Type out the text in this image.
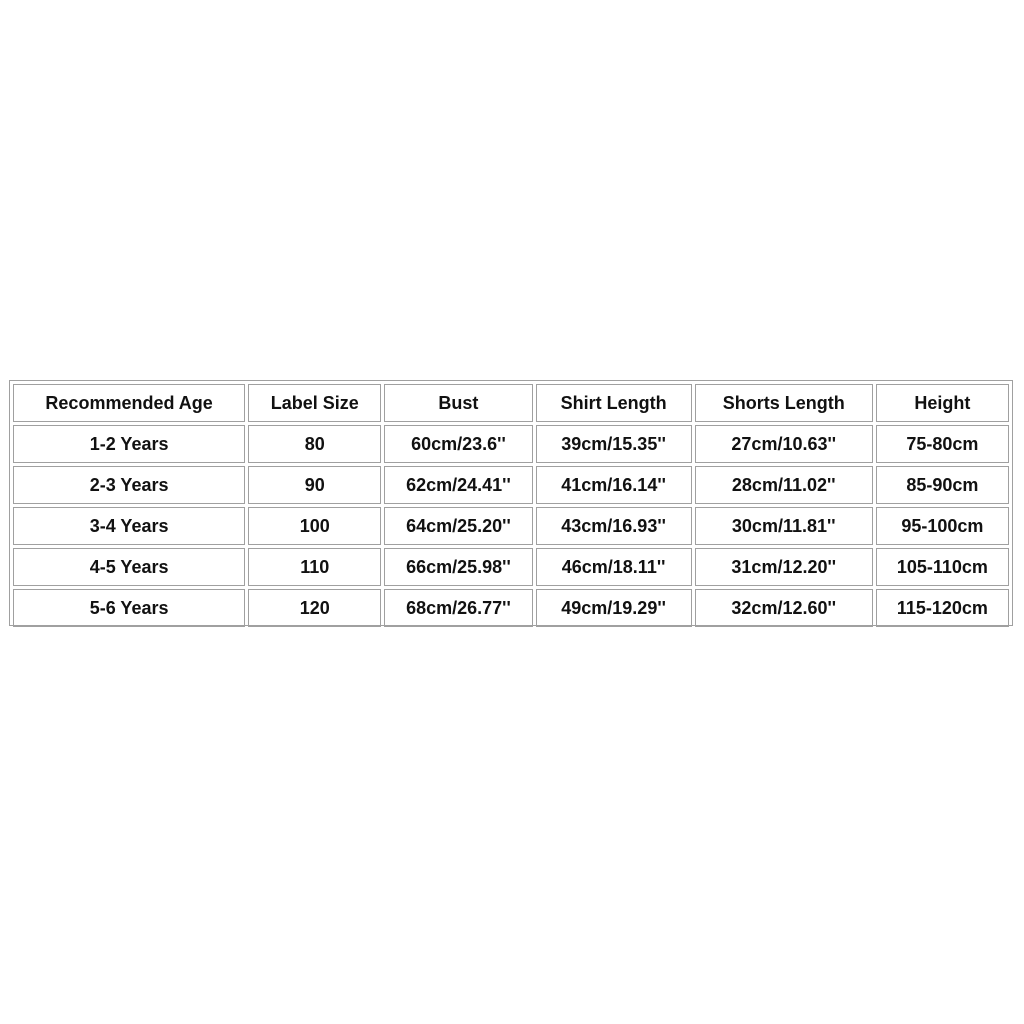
Recommended Age	Label Size	Bust	Shirt Length	Shorts Length	Height
1-2 Years	80	60cm/23.6''	39cm/15.35''	27cm/10.63''	75-80cm
2-3 Years	90	62cm/24.41''	41cm/16.14''	28cm/11.02''	85-90cm
3-4 Years	100	64cm/25.20''	43cm/16.93''	30cm/11.81''	95-100cm
4-5 Years	110	66cm/25.98''	46cm/18.11''	31cm/12.20''	105-110cm
5-6 Years	120	68cm/26.77''	49cm/19.29''	32cm/12.60''	115-120cm
